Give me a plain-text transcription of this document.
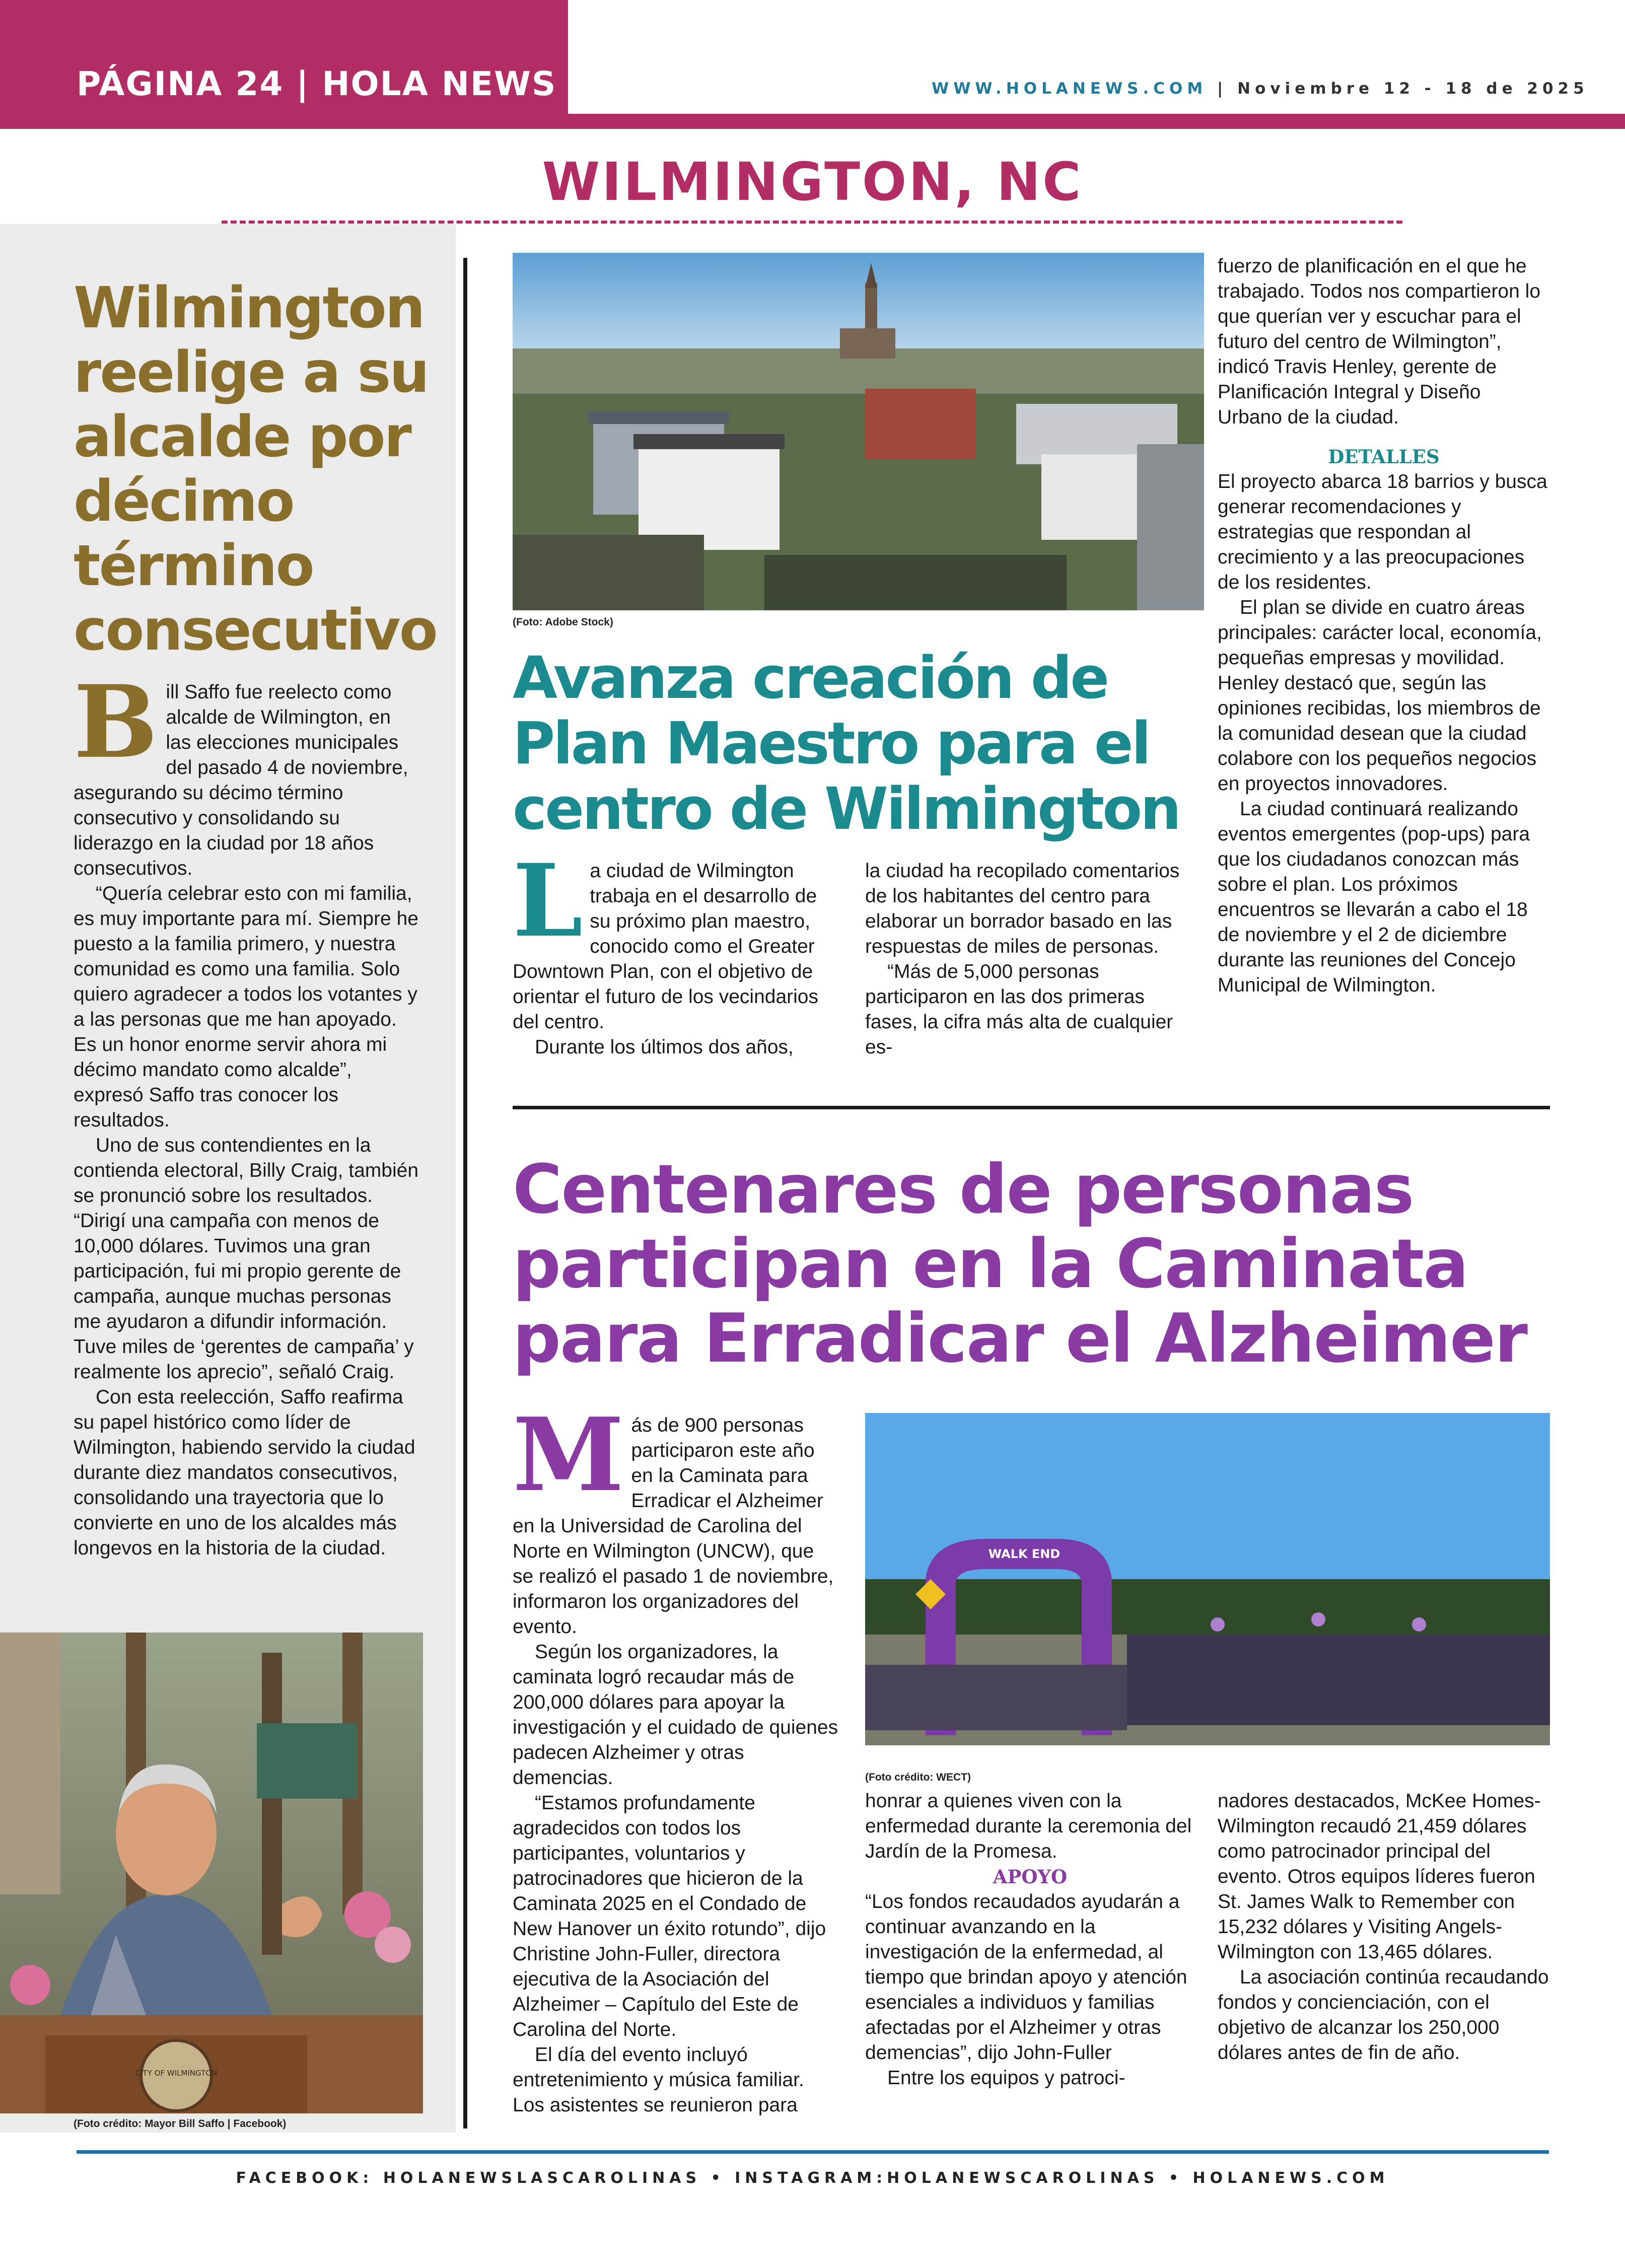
PÁGINA 24 | HOLA NEWS	WWW.HOLANEWS.COM | Noviembre 12 - 18 de 2025
WILMINGTON, NC
Wilmington reelige a su alcalde por décimo término consecutivo

Bill Saffo fue reelecto como alcalde de Wilmington, en las elecciones municipales del pasado 4 de noviembre, asegurando su décimo término consecutivo y consolidando su liderazgo en la ciudad por 18 años consecutivos.

“Quería celebrar esto con mi familia, es muy importante para mí. Siempre he puesto a la familia primero, y nuestra comunidad es como una familia. Solo quiero agradecer a todos los votantes y a las personas que me han apoyado. Es un honor enorme servir ahora mi décimo mandato como alcalde”, expresó Saffo tras conocer los resultados.

Uno de sus contendientes en la contienda electoral, Billy Craig, también se pronunció sobre los resultados. “Dirigí una campaña con menos de 10,000 dólares. Tuvimos una gran participación, fui mi propio gerente de campaña, aunque muchas personas me ayudaron a difundir información. Tuve miles de ‘gerentes de campaña’ y realmente los aprecio”, señaló Craig.

Con esta reelección, Saffo reafirma su papel histórico como líder de Wilmington, habiendo servido la ciudad durante diez mandatos consecutivos, consolidando una trayectoria que lo convierte en uno de los alcaldes más longevos en la historia de la ciudad.

CITY OF WILMINGTON
(Foto crédito: Mayor Bill Saffo | Facebook)
(Foto: Adobe Stock)
Avanza creación de Plan Maestro para el centro de Wilmington

La ciudad de Wilmington trabaja en el desarrollo de su próximo plan maestro, conocido como el Greater Downtown Plan, con el objetivo de orientar el futuro de los vecindarios del centro.

Durante los últimos dos años,

la ciudad ha recopilado comentarios de los habitantes del centro para elaborar un borrador basado en las respuestas de miles de personas.

“Más de 5,000 personas participaron en las dos primeras fases, la cifra más alta de cualquier es-

fuerzo de planificación en el que he trabajado. Todos nos compartieron lo que querían ver y escuchar para el futuro del centro de Wilmington”, indicó Travis Henley, gerente de Planificación Integral y Diseño Urbano de la ciudad.

DETALLES

El proyecto abarca 18 barrios y busca generar recomendaciones y estrategias que respondan al crecimiento y a las preocupaciones de los residentes.

El plan se divide en cuatro áreas principales: carácter local, economía, pequeñas empresas y movilidad. Henley destacó que, según las opiniones recibidas, los miembros de la comunidad desean que la ciudad colabore con los pequeños negocios en proyectos innovadores.

La ciudad continuará realizando eventos emergentes (pop-ups) para que los ciudadanos conozcan más sobre el plan. Los próximos encuentros se llevarán a cabo el 18 de noviembre y el 2 de diciembre durante las reuniones del Concejo Municipal de Wilmington.

Centenares de personas participan en la Caminata para Erradicar el Alzheimer

Más de 900 personas participaron este año en la Caminata para Erradicar el Alzheimer en la Universidad de Carolina del Norte en Wilmington (UNCW), que se realizó el pasado 1 de noviembre, informaron los organizadores del evento.

Según los organizadores, la caminata logró recaudar más de 200,000 dólares para apoyar la investigación y el cuidado de quienes padecen Alzheimer y otras demencias.

“Estamos profundamente agradecidos con todos los participantes, voluntarios y patrocinadores que hicieron de la Caminata 2025 en el Condado de New Hanover un éxito rotundo”, dijo Christine John-Fuller, directora ejecutiva de la Asociación del Alzheimer – Capítulo del Este de Carolina del Norte.

El día del evento incluyó entretenimiento y música familiar. Los asistentes se reunieron para

WALK END
(Foto crédito: WECT)

honrar a quienes viven con la enfermedad durante la ceremonia del Jardín de la Promesa.

APOYO

“Los fondos recaudados ayudarán a continuar avanzando en la investigación de la enfermedad, al tiempo que brindan apoyo y atención esenciales a individuos y familias afectadas por el Alzheimer y otras demencias”, dijo John-Fuller

Entre los equipos y patroci-

nadores destacados, McKee Homes-Wilmington recaudó 21,459 dólares como patrocinador principal del evento. Otros equipos líderes fueron St. James Walk to Remember con 15,232 dólares y Visiting Angels-Wilmington con 13,465 dólares.

La asociación continúa recaudando fondos y concienciación, con el objetivo de alcanzar los 250,000 dólares antes de fin de año.

FACEBOOK: HOLANEWSLASCAROLINAS • INSTAGRAM:HOLANEWSCAROLINAS • HOLANEWS.COM
